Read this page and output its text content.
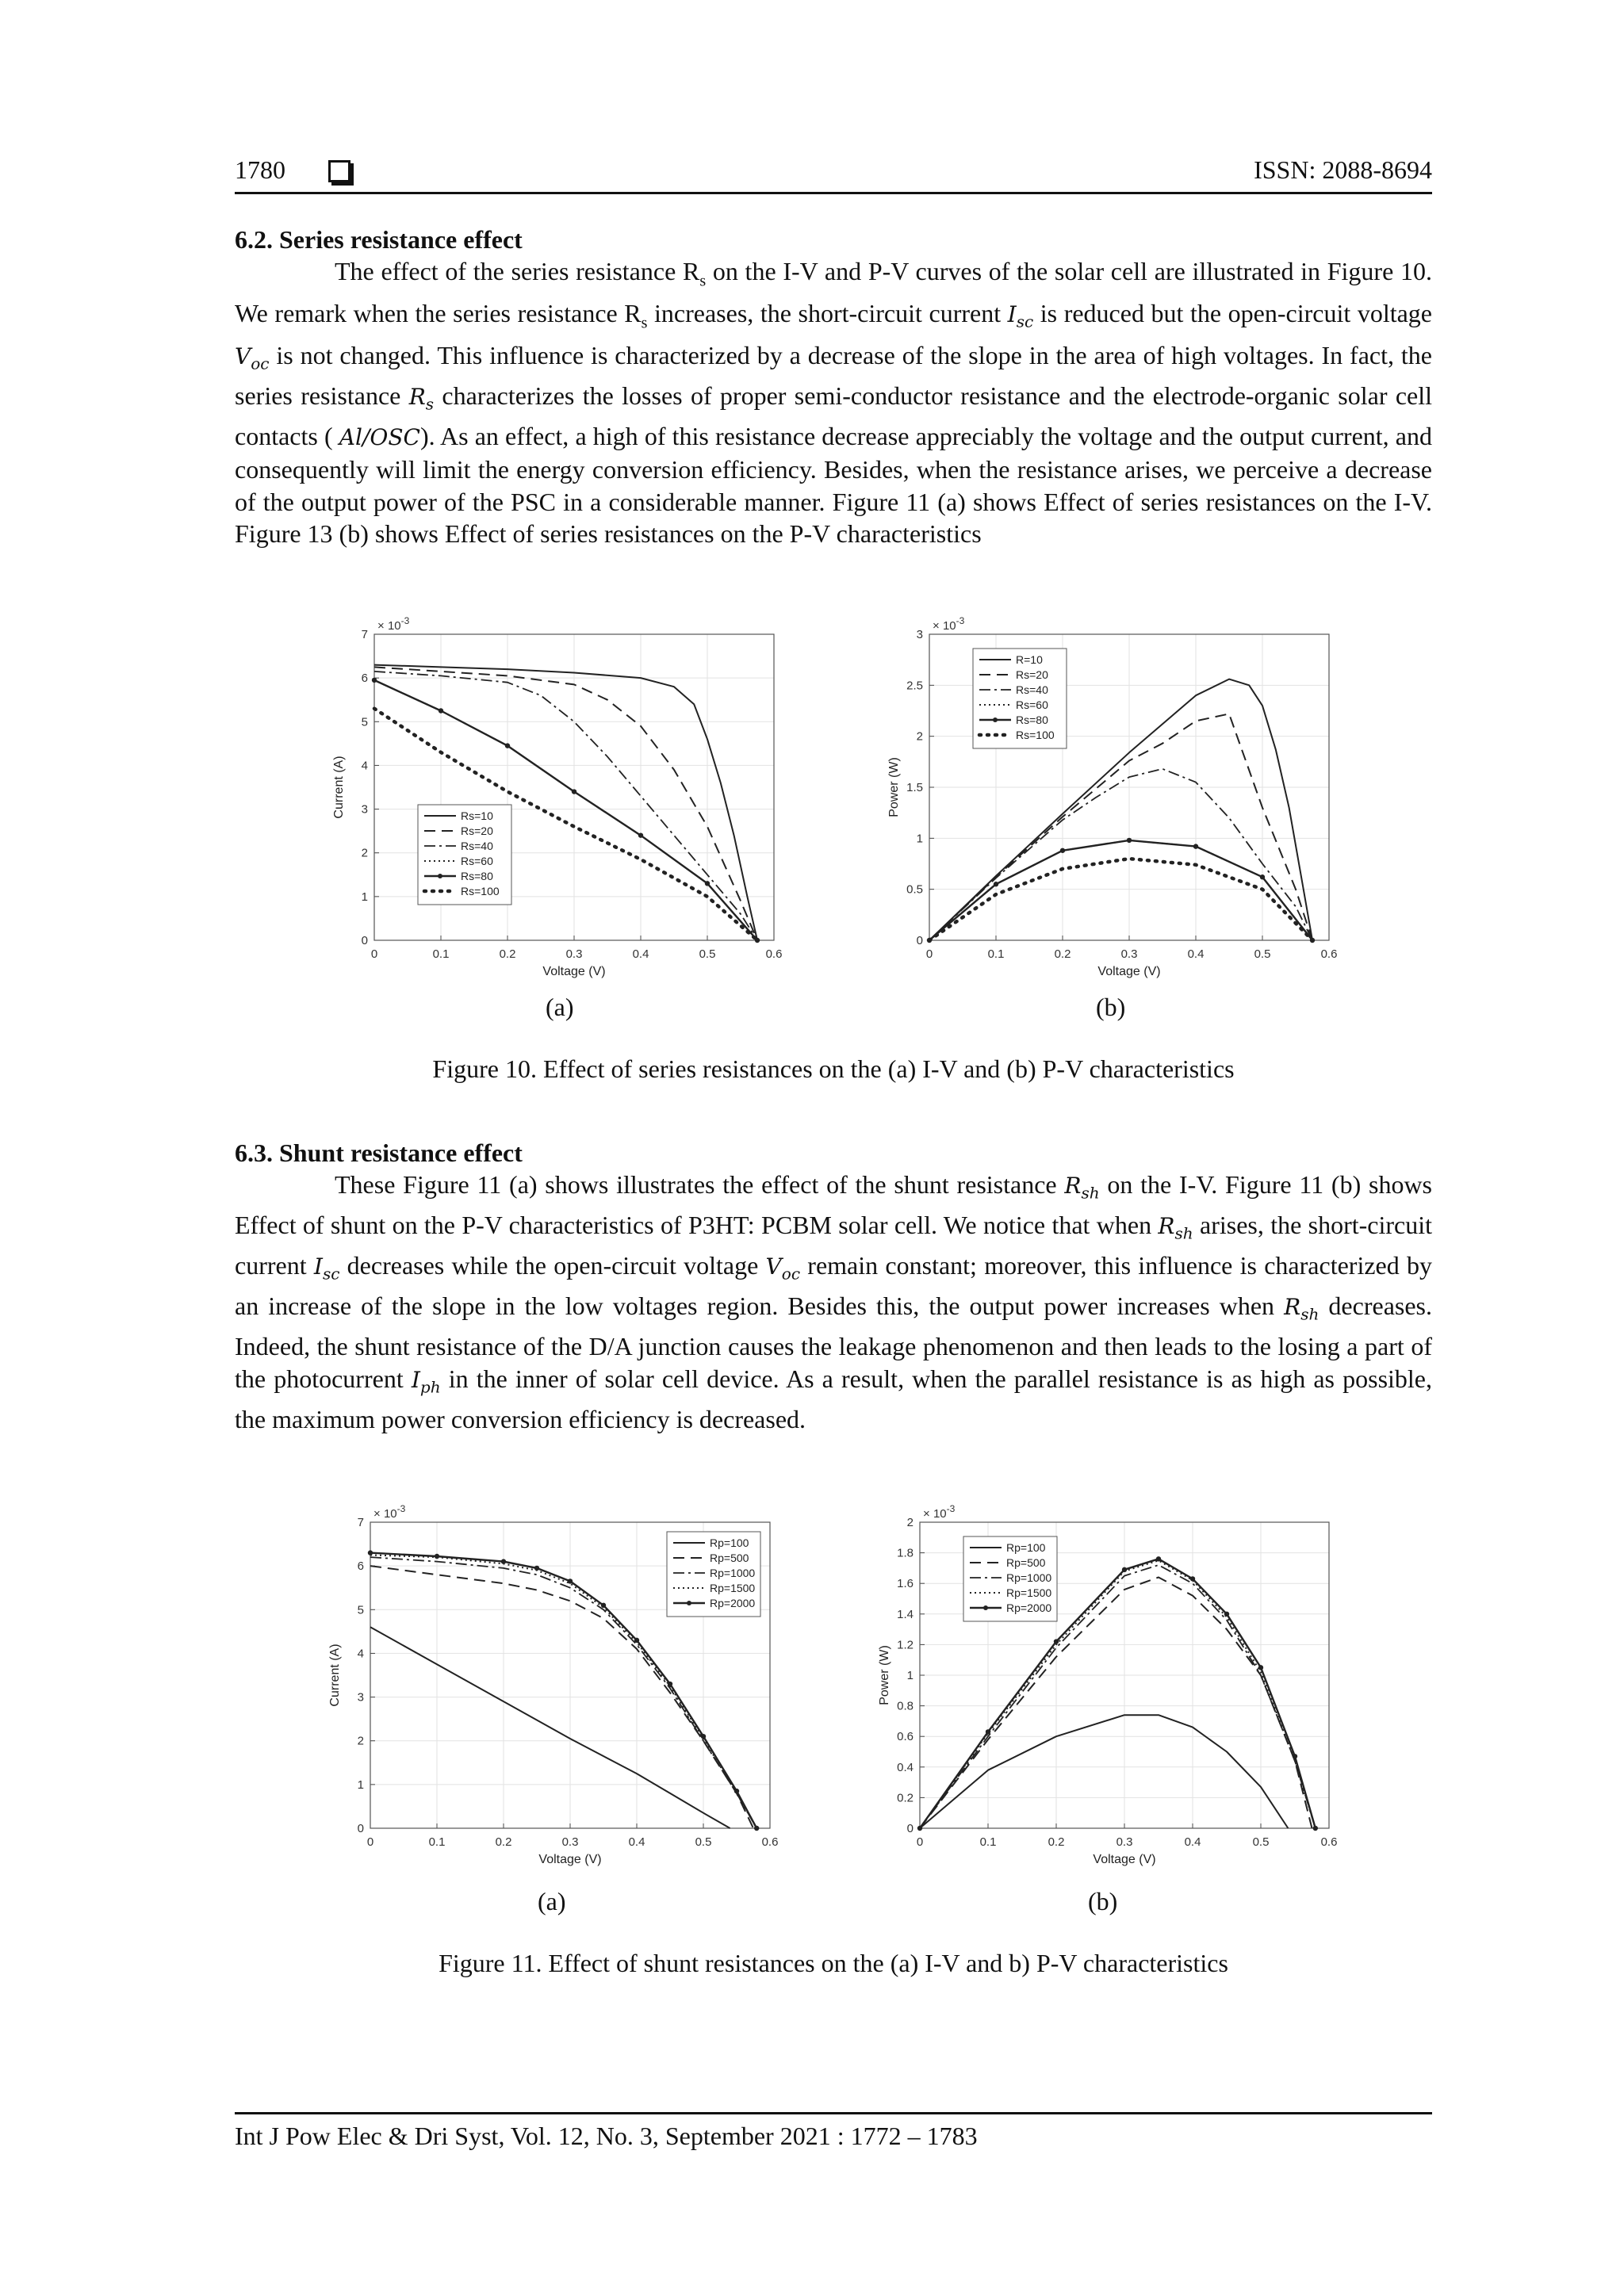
1780	ISSN: 2088-8694
6.2. Series resistance effect
The effect of the series resistance $R_s$ on the I-V and P-V curves of the solar cell are illustrated in Figure 10. We remark when the series resistance $R_s$ increases, the short-circuit current $I_{sc}$ is reduced but the open-circuit voltage $V_{oc}$ is not changed. This influence is characterized by a decrease of the slope in the area of high voltages. In fact, the series resistance $R_s$ characterizes the losses of proper semi-conductor resistance and the electrode-organic solar cell contacts ( Al/OSC). As an effect, a high of this resistance decrease appreciably the voltage and the output current, and consequently will limit the energy conversion efficiency. Besides, when the resistance arises, we perceive a decrease of the output power of the PSC in a considerable manner. Figure 11 (a) shows Effect of series resistances on the I-V. Figure 13 (b) shows Effect of series resistances on the P-V characteristics
0	0.1	0.2	0.3	0.4	0.5	0.6
0
1
2
3
4
5
6
7
× $10^{-3}$
Voltage (V)
Current (A)	Rs=10
Rs=20
Rs=40
Rs=60
Rs=80
Rs=100
0	0.1	0.2	0.3	0.4	0.5	0.6
0
0.5
1
1.5
2
2.5
3
× $10^{-3}$
Voltage (V)
Power (W)
R=10
Rs=20
Rs=40
Rs=60
Rs=80
Rs=100
(a)	(b)
Figure 10. Effect of series resistances on the (a) I-V and (b) P-V characteristics
6.3. Shunt resistance effect
These Figure 11 (a) shows illustrates the effect of the shunt resistance $R_{sh}$ on the I-V. Figure 11 (b) shows Effect of shunt on the P-V characteristics of P3HT: PCBM solar cell. We notice that when $R_{sh}$ arises, the short-circuit current $I_{sc}$ decreases while the open-circuit voltage $V_{oc}$ remain constant; moreover, this influence is characterized by an increase of the slope in the low voltages region. Besides this, the output power increases when $R_{sh}$ decreases. Indeed, the shunt resistance of the D/A junction causes the leakage phenomenon and then leads to the losing a part of the photocurrent $I_{ph}$ in the inner of solar cell device. As a result, when the parallel resistance is as high as possible, the maximum power conversion efficiency is decreased.
0	0.1	0.2	0.3	0.4	0.5	0.6
0
1
2
3
4
5
6
7
× $10^{-3}$
Voltage (V)
Current (A)
Rp=100
Rp=500
Rp=1000
Rp=1500
Rp=2000
0	0.1	0.2	0.3	0.4	0.5	0.6
0
0.2
0.4
0.6
0.8
1
1.2
1.4
1.6
1.8
2
× $10^{-3}$
Voltage (V)
Power (W)
Rp=100
Rp=500
Rp=1000
Rp=1500
Rp=2000
(a)	(b)
Figure 11. Effect of shunt resistances on the (a) I-V and b) P-V characteristics
Int J Pow Elec & Dri Syst, Vol. 12, No. 3, September 2021 : 1772 – 1783
